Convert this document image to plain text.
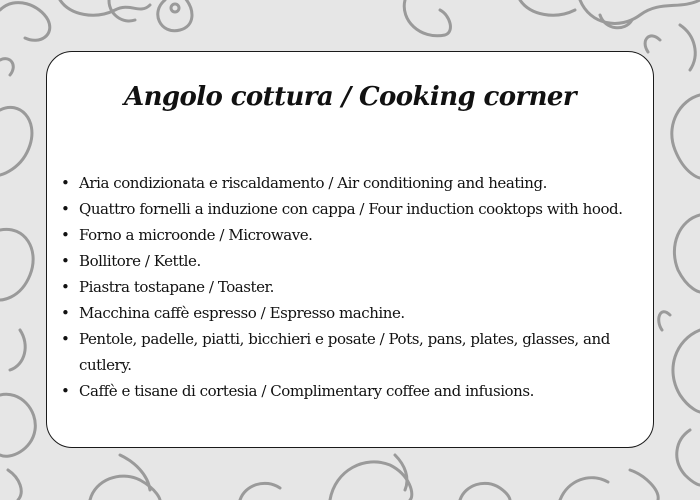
Angolo cottura / Cooking corner
• Aria condizionata e riscaldamento / Air conditioning and heating.
• Quattro fornelli a induzione con cappa / Four induction cooktops with hood.
• Forno a microonde / Microwave.
• Bollitore / Kettle.
• Piastra tostapane / Toaster.
• Macchina caffè espresso / Espresso machine.
• Pentole, padelle, piatti, bicchieri e posate / Pots, pans, plates, glasses, and cutlery.
• Caffè e tisane di cortesia / Complimentary coffee and infusions.
